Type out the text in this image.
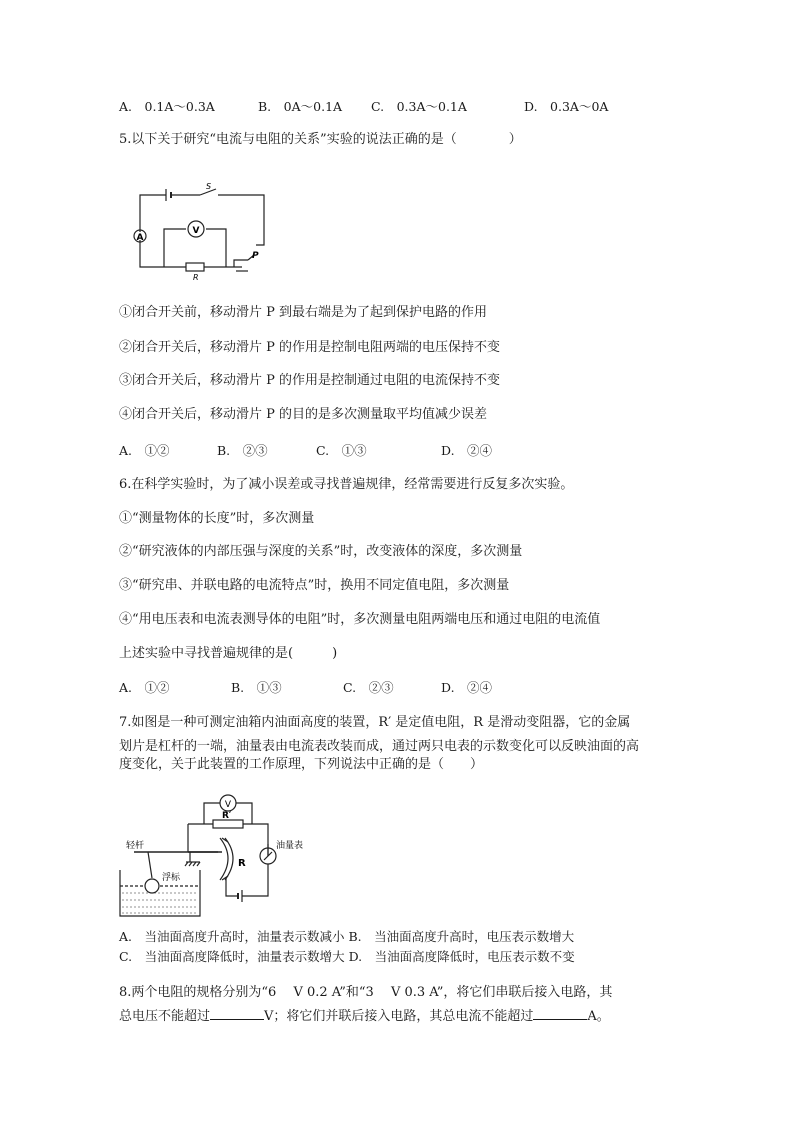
A.　0.1A～0.3A	B.　0A～0.1A C.　0.3A～0.1A	D.　0.3A～0A
5.以下关于研究“电流与电阻的关系”实验的说法正确的是（　　　　）
A
V
S
R
P
①闭合开关前，移动滑片 P 到最右端是为了起到保护电路的作用
②闭合开关后，移动滑片 P 的作用是控制电阻两端的电压保持不变
③闭合开关后，移动滑片 P 的作用是控制通过电阻的电流保持不变
④闭合开关后，移动滑片 P 的目的是多次测量取平均值减少误差
A.　①②	B.　②③	C.　①③	D.　②④
6.在科学实验时，为了减小误差或寻找普遍规律，经常需要进行反复多次实验。
①“测量物体的长度”时，多次测量
②“研究液体的内部压强与深度的关系”时，改变液体的深度，多次测量
③“研究串、并联电路的电流特点”时，换用不同定值电阻，多次测量
④“用电压表和电流表测导体的电阻”时，多次测量电阻两端电压和通过电阻的电流值
上述实验中寻找普遍规律的是(　　　)
A.　①②	B.　①③	C.　②③	D.　②④
7.如图是一种可测定油箱内油面高度的装置，R′ 是定值电阻，R 是滑动变阻器，它的金属
划片是杠杆的一端，油量表由电流表改装而成，通过两只电表的示数变化可以反映油面的高
度变化，关于此装置的工作原理，下列说法中正确的是（　　）
V
R′
R
油量表
轻杆
浮标
A.　当油面高度升高时，油量表示数减小 B.　当油面高度升高时，电压表示数增大
C.　当油面高度降低时，油量表示数增大 D.　当油面高度降低时，电压表示数不变
8.两个电阻的规格分别为“6　 V 0.2 A”和“3　 V 0.3 A”，将它们串联后接入电路，其
总电压不能超过	V；将它们并联后接入电路，其总电流不能超过	A。
